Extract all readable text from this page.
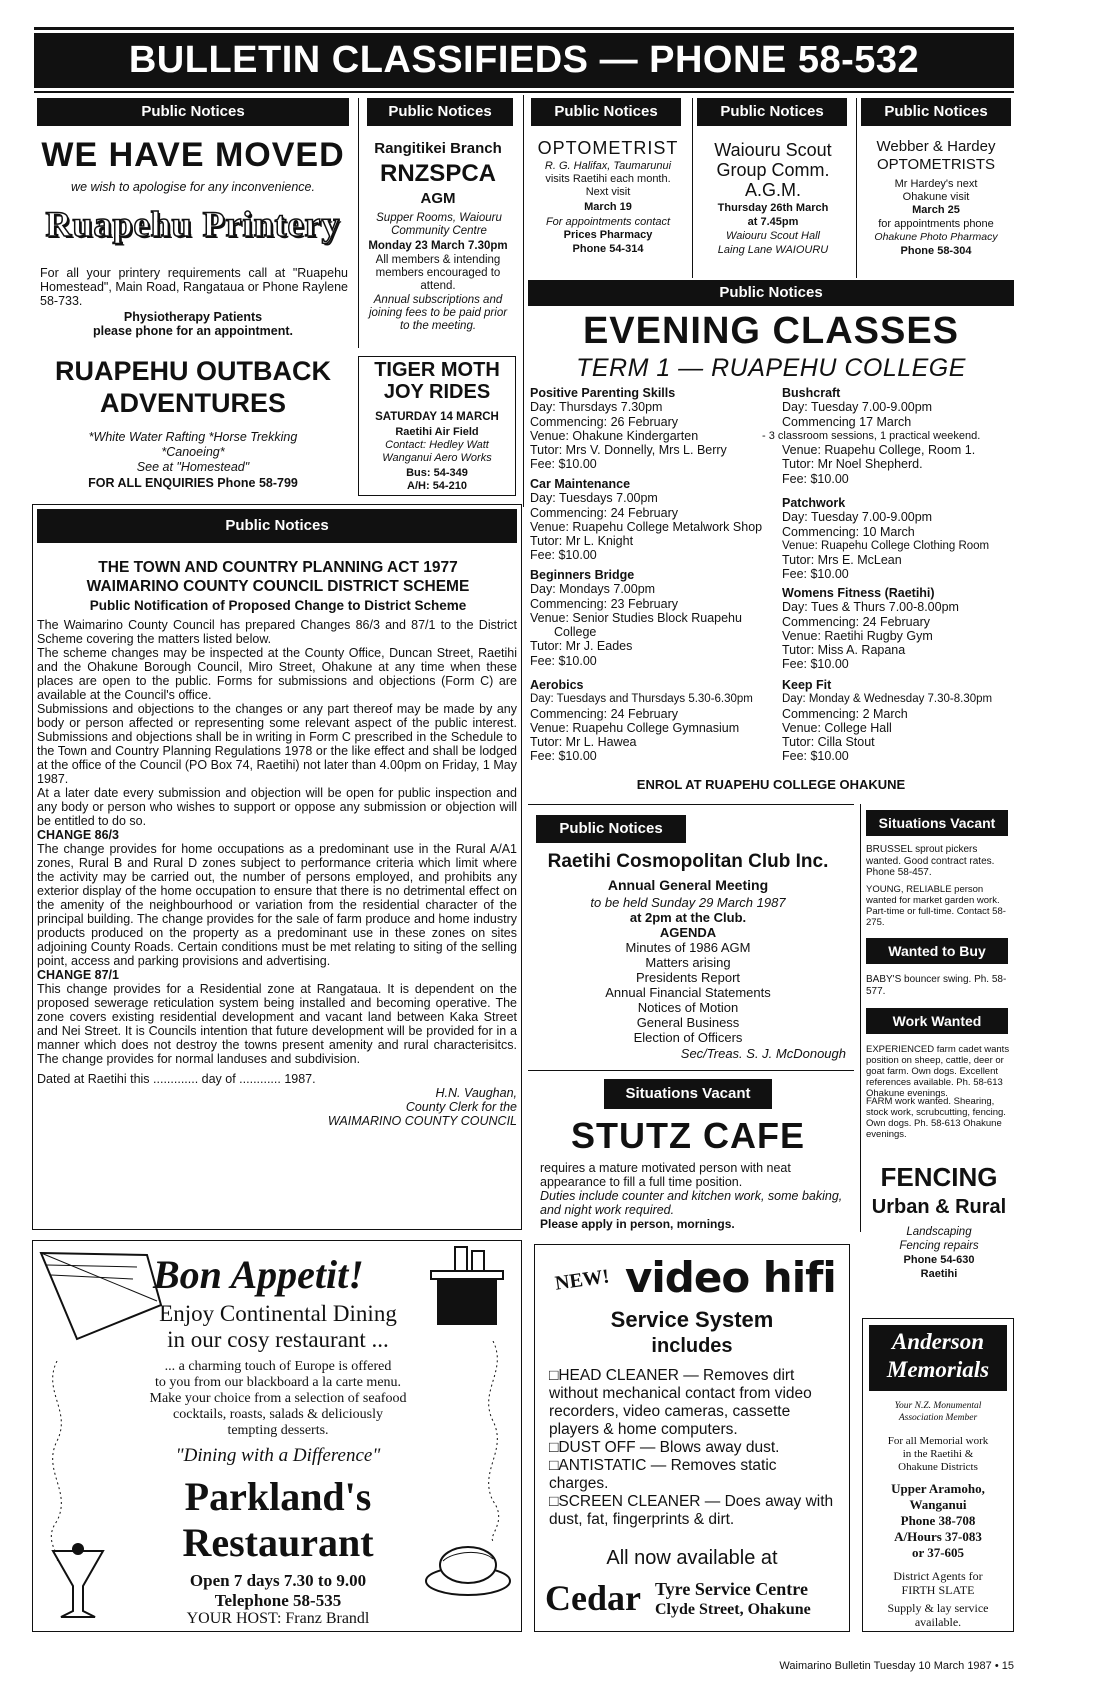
BULLETIN CLASSIFIEDS — PHONE 58-532
Public Notices
WE HAVE MOVED
we wish to apologise for any inconvenience.
Ruapehu Printery
For all your printery requirements call at "Ruapehu Homestead", Main Road, Rangataua or Phone Raylene 58-733.
Physiotherapy Patients
please phone for an appointment.
RUAPEHU OUTBACK
ADVENTURES
*White Water Rafting *Horse Trekking
*Canoeing*
See at "Homestead"
FOR ALL ENQUIRIES Phone 58-799
Public Notices
Rangitikei Branch
RNZSPCA
AGM
Supper Rooms, Waiouru Community Centre
Monday 23 March 7.30pm
All members & intending members encouraged to attend.
Annual subscriptions and joining fees to be paid prior to the meeting.
TIGER MOTH
JOY RIDES
SATURDAY 14 MARCH
Raetihi Air Field
Contact: Hedley Watt Wanganui Aero Works
Bus: 54-349
A/H: 54-210
Public Notices
OPTOMETRIST
R. G. Halifax, Taumarunui
visits Raetihi each month.
Next visit
March 19
For appointments contact
Prices Pharmacy
Phone 54-314
Public Notices
Waiouru Scout
Group Comm.
A.G.M.
Thursday 26th March
at 7.45pm
Waiouru Scout Hall
Laing Lane WAIOURU
Public Notices
Webber & Hardey
OPTOMETRISTS
Mr Hardey's next
Ohakune visit
March 25
for appointments phone
Ohakune Photo Pharmacy
Phone 58-304
Public Notices
EVENING CLASSES
TERM 1 — RUAPEHU COLLEGE
Positive Parenting Skills
Day: Thursdays 7.30pm
Commencing: 26 February
Venue: Ohakune Kindergarten
Tutor: Mrs V. Donnelly, Mrs L. Berry
Fee: $10.00
Car Maintenance
Day: Tuesdays 7.00pm
Commencing: 24 February
Venue: Ruapehu College Metalwork Shop
Tutor: Mr L. Knight
Fee: $10.00
Beginners Bridge
Day: Mondays 7.00pm
Commencing: 23 February
Venue: Senior Studies Block Ruapehu
College
Tutor: Mr J. Eades
Fee: $10.00
Aerobics
Day: Tuesdays and Thursdays 5.30-6.30pm
Commencing: 24 February
Venue: Ruapehu College Gymnasium
Tutor: Mr L. Hawea
Fee: $10.00
Bushcraft
Day: Tuesday 7.00-9.00pm
Commencing 17 March
- 3 classroom sessions, 1 practical weekend.
Venue: Ruapehu College, Room 1.
Tutor: Mr Noel Shepherd.
Fee: $10.00
Patchwork
Day: Tuesday 7.00-9.00pm
Commencing: 10 March
Venue: Ruapehu College Clothing Room
Tutor: Mrs E. McLean
Fee: $10.00
Womens Fitness (Raetihi)
Day: Tues & Thurs 7.00-8.00pm
Commencing: 24 February
Venue: Raetihi Rugby Gym
Tutor: Miss A. Rapana
Fee: $10.00
Keep Fit
Day: Monday & Wednesday 7.30-8.30pm
Commencing: 2 March
Venue: College Hall
Tutor: Cilla Stout
Fee: $10.00
ENROL AT RUAPEHU COLLEGE OHAKUNE
Public Notices
THE TOWN AND COUNTRY PLANNING ACT 1977
WAIMARINO COUNTY COUNCIL DISTRICT SCHEME
Public Notification of Proposed Change to District Scheme

The Waimarino County Council has prepared Changes 86/3 and 87/1 to the District Scheme covering the matters listed below.

The scheme changes may be inspected at the County Office, Duncan Street, Raetihi and the Ohakune Borough Council, Miro Street, Ohakune at any time when these places are open to the public. Forms for submissions and objections (Form C) are available at the Council's office.

Submissions and objections to the changes or any part thereof may be made by any body or person affected or representing some relevant aspect of the public interest. Submissions and objections shall be in writing in Form C prescribed in the Schedule to the Town and Country Planning Regulations 1978 or the like effect and shall be lodged at the office of the Council (PO Box 74, Raetihi) not later than 4.00pm on Friday, 1 May 1987.

At a later date every submission and objection will be open for public inspection and any body or person who wishes to support or oppose any submission or objection will be entitled to do so.

CHANGE 86/3

The change provides for home occupations as a predominant use in the Rural A/A1 zones, Rural B and Rural D zones subject to performance criteria which limit where the activity may be carried out, the number of persons employed, and prohibits any exterior display of the home occupation to ensure that there is no detrimental effect on the amenity of the neighbourhood or variation from the residential character of the principal building. The change provides for the sale of farm produce and home industry products produced on the property as a predominant use in these zones on sites adjoining County Roads. Certain conditions must be met relating to siting of the selling point, access and parking provisions and advertising.

CHANGE 87/1

This change provides for a Residential zone at Rangataua. It is dependent on the proposed sewerage reticulation system being installed and becoming operative. The zone covers existing residential development and vacant land between Kaka Street and Nei Street. It is Councils intention that future development will be provided for in a manner which does not destroy the towns present amenity and rural characterisitcs. The change provides for normal landuses and subdivision.

Dated at Raetihi this ............. day of ............ 1987.

H.N. Vaughan,

County Clerk for the

WAIMARINO COUNTY COUNCIL

Public Notices
Raetihi Cosmopolitan Club Inc.
Annual General Meeting
to be held Sunday 29 March 1987
at 2pm at the Club.
AGENDA
Minutes of 1986 AGM
Matters arising
Presidents Report
Annual Financial Statements
Notices of Motion
General Business
Election of Officers
Sec/Treas. S. J. McDonough
Situations Vacant
STUTZ CAFE
requires a mature motivated person with neat appearance to fill a full time position.
Duties include counter and kitchen work, some baking, and night work required.
Please apply in person, mornings.
Situations Vacant
BRUSSEL sprout pickers wanted. Good contract rates. Phone 58-457.
YOUNG, RELIABLE person wanted for market garden work. Part-time or full-time. Contact 58-275.
Wanted to Buy
BABY'S bouncer swing. Ph. 58-577.
Work Wanted
EXPERIENCED farm cadet wants position on sheep, cattle, deer or goat farm. Own dogs. Excellent references available. Ph. 58-613 Ohakune evenings.
FARM work wanted. Shearing, stock work, scrubcutting, fencing. Own dogs. Ph. 58-613 Ohakune evenings.
FENCING
Urban & Rural
Landscaping
Fencing repairs
Phone 54-630
Raetihi
Anderson
Memorials
Your N.Z. Monumental
Association Member
For all Memorial work
in the Raetihi &
Ohakune Districts
Upper Aramoho,
Wanganui
Phone 38-708
A/Hours 37-083
or 37-605
District Agents for
FIRTH SLATE
Supply & lay service
available.
Bon Appetit!
Enjoy Continental Dining
in our cosy restaurant ...
... a charming touch of Europe is offered
to you from our blackboard a la carte menu.
Make your choice from a selection of seafood
cocktails, roasts, salads & deliciously
tempting desserts.
"Dining with a Difference"
Parkland's
Restaurant
Open 7 days 7.30 to 9.00
Telephone 58-535
YOUR HOST: Franz Brandl
NEW! video hifi
Service System
includes
□HEAD CLEANER — Removes dirt without mechanical contact from video recorders, video cameras, cassette players & home computers.
□DUST OFF — Blows away dust.
□ANTISTATIC — Removes static charges.
□SCREEN CLEANER — Does away with dust, fat, fingerprints & dirt.
All now available at
Cedar Tyre Service Centre
Clyde Street, Ohakune
Waimarino Bulletin Tuesday 10 March 1987 • 15
